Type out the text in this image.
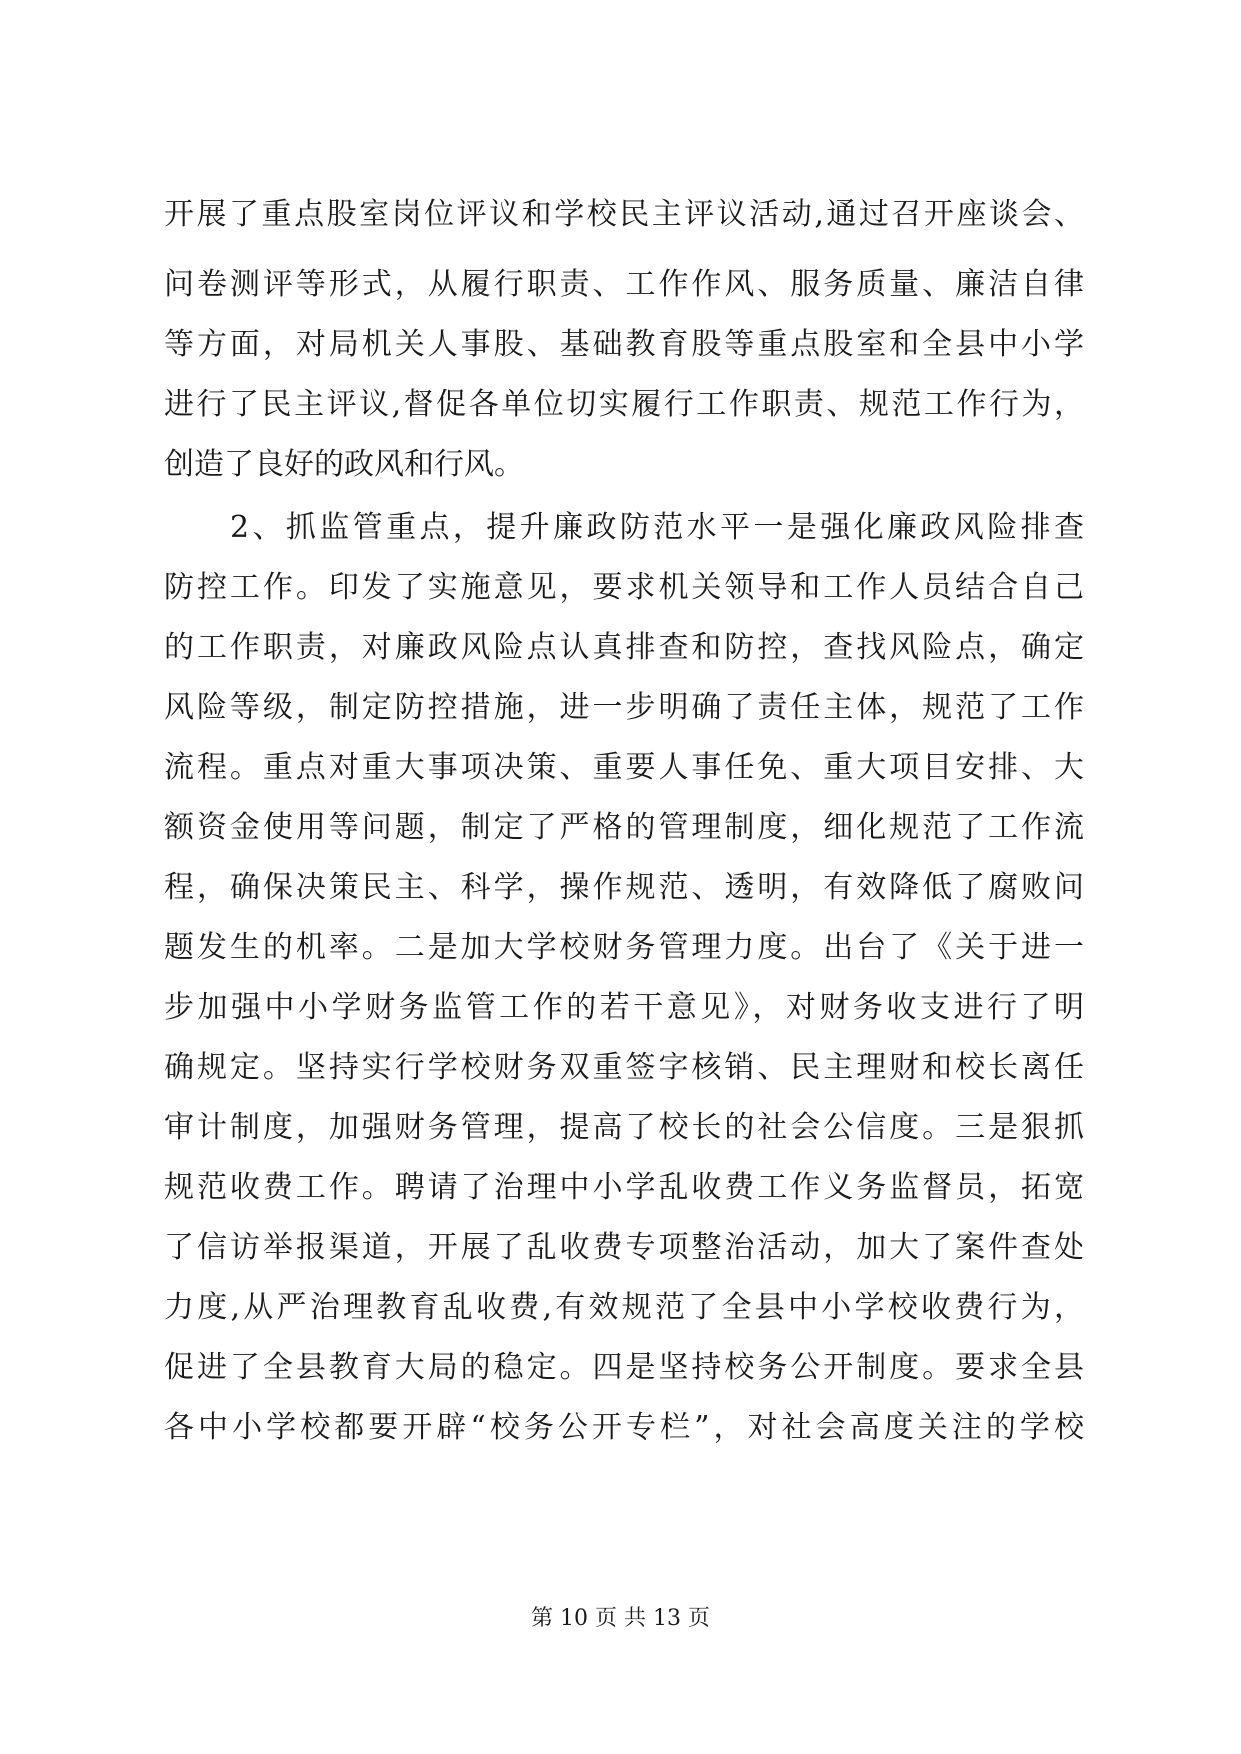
开展了重点股室岗位评议和学校民主评议活动,通过召开座谈会、
问卷测评等形式，从履行职责、工作作风、服务质量、廉洁自律
等方面，对局机关人事股、基础教育股等重点股室和全县中小学
进行了民主评议,督促各单位切实履行工作职责、规范工作行为，
创造了良好的政风和行风。
2、抓监管重点，提升廉政防范水平一是强化廉政风险排查
防控工作。印发了实施意见，要求机关领导和工作人员结合自己
的工作职责，对廉政风险点认真排查和防控，查找风险点，确定
风险等级，制定防控措施，进一步明确了责任主体，规范了工作
流程。重点对重大事项决策、重要人事任免、重大项目安排、大
额资金使用等问题，制定了严格的管理制度，细化规范了工作流
程，确保决策民主、科学，操作规范、透明，有效降低了腐败问
题发生的机率。二是加大学校财务管理力度。出台了《关于进一
步加强中小学财务监管工作的若干意见》，对财务收支进行了明
确规定。坚持实行学校财务双重签字核销、民主理财和校长离任
审计制度，加强财务管理，提高了校长的社会公信度。三是狠抓
规范收费工作。聘请了治理中小学乱收费工作义务监督员，拓宽
了信访举报渠道，开展了乱收费专项整治活动，加大了案件查处
力度,从严治理教育乱收费,有效规范了全县中小学校收费行为，
促进了全县教育大局的稳定。四是坚持校务公开制度。要求全县
各中小学校都要开辟“校务公开专栏”，对社会高度关注的学校
第 10 页 共 13 页
